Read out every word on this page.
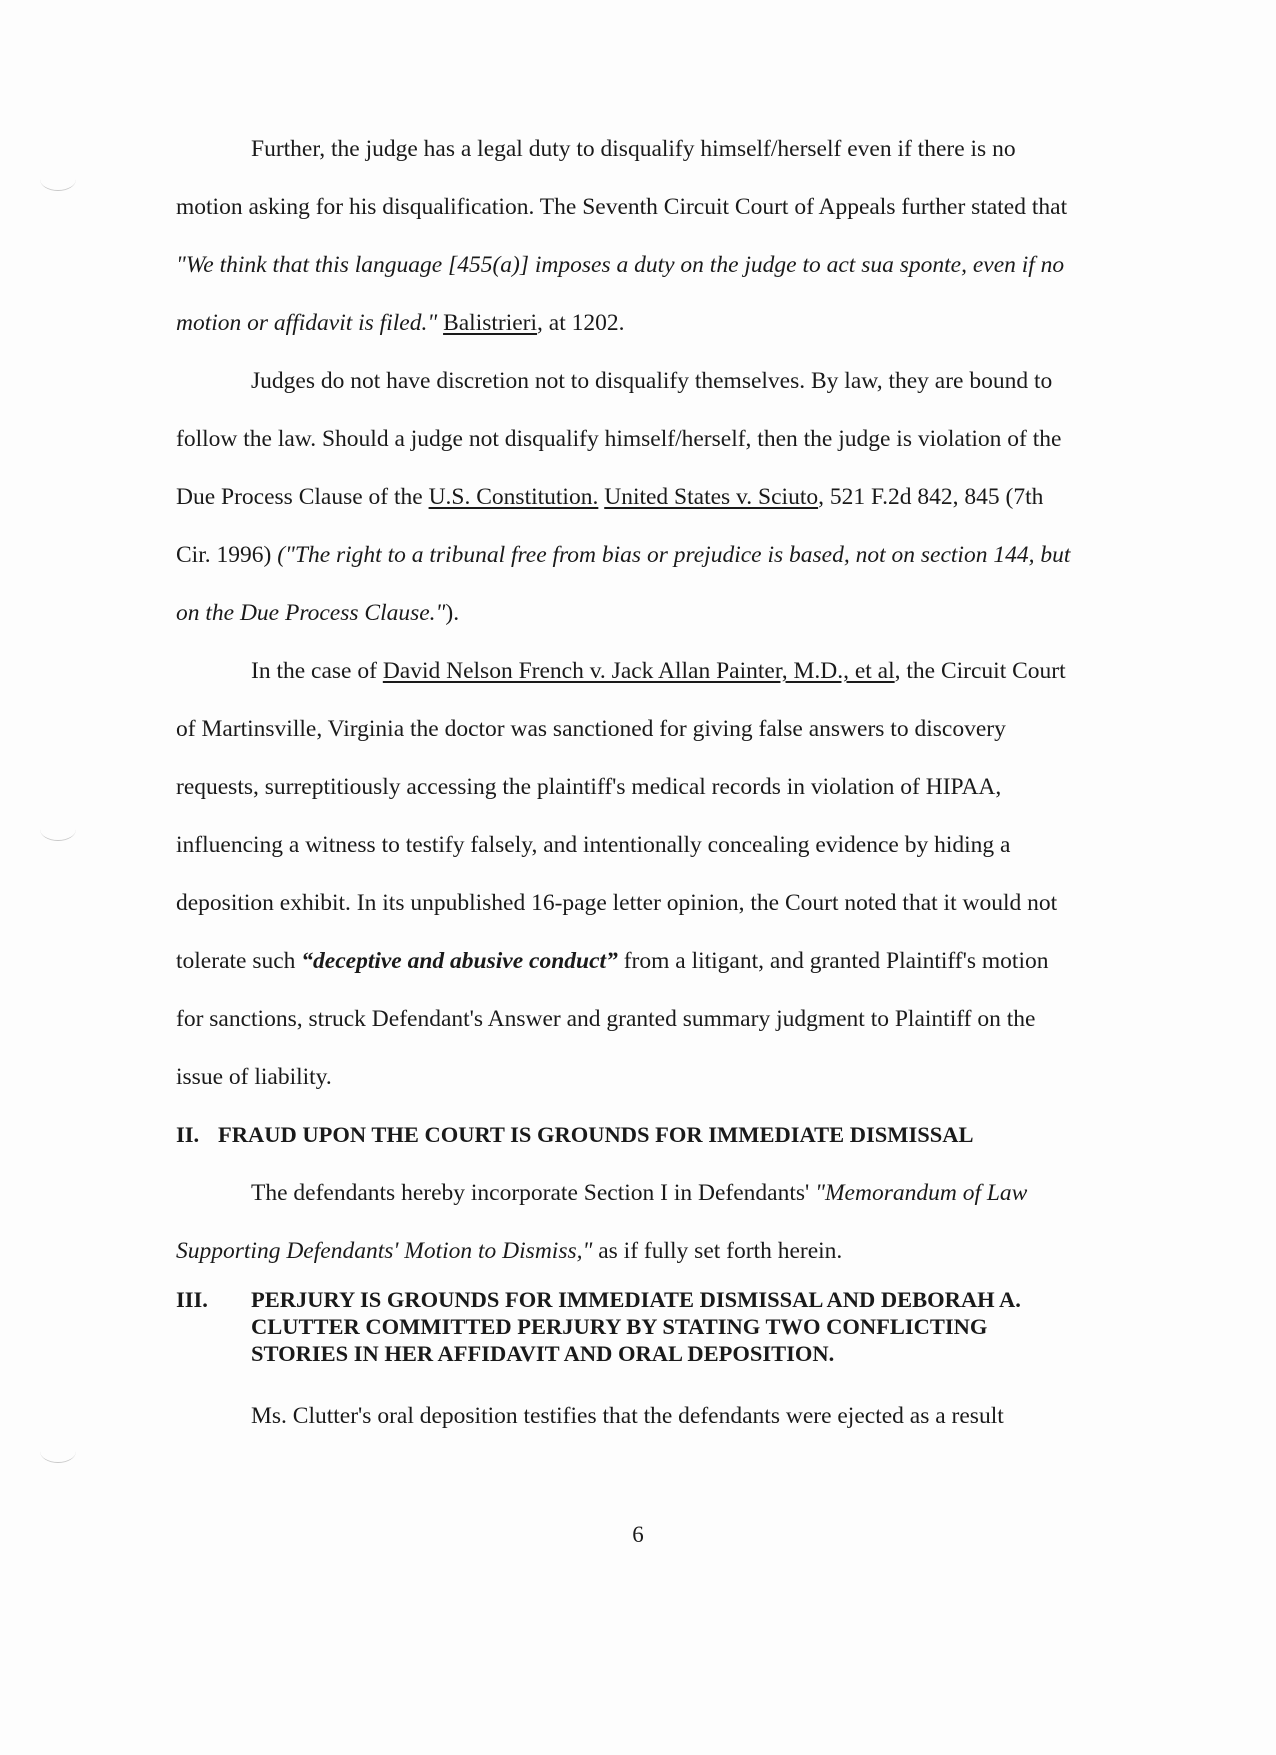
Further, the judge has a legal duty to disqualify himself/herself even if there is no motion asking for his disqualification. The Seventh Circuit Court of Appeals further stated that "We think that this language [455(a)] imposes a duty on the judge to act sua sponte, even if no motion or affidavit is filed." Balistrieri, at 1202.

Judges do not have discretion not to disqualify themselves. By law, they are bound to follow the law. Should a judge not disqualify himself/herself, then the judge is violation of the Due Process Clause of the U.S. Constitution. United States v. Sciuto, 521 F.2d 842, 845 (7th Cir. 1996) ("The right to a tribunal free from bias or prejudice is based, not on section 144, but on the Due Process Clause.").

In the case of David Nelson French v. Jack Allan Painter, M.D., et al, the Circuit Court of Martinsville, Virginia the doctor was sanctioned for giving false answers to discovery requests, surreptitiously accessing the plaintiff's medical records in violation of HIPAA, influencing a witness to testify falsely, and intentionally concealing evidence by hiding a deposition exhibit. In its unpublished 16-page letter opinion, the Court noted that it would not tolerate such “deceptive and abusive conduct” from a litigant, and granted Plaintiff's motion for sanctions, struck Defendant's Answer and granted summary judgment to Plaintiff on the issue of liability.

II. FRAUD UPON THE COURT IS GROUNDS FOR IMMEDIATE DISMISSAL

The defendants hereby incorporate Section I in Defendants' "Memorandum of Law Supporting Defendants' Motion to Dismiss," as if fully set forth herein.

III.	PERJURY IS GROUNDS FOR IMMEDIATE DISMISSAL AND DEBORAH A. CLUTTER COMMITTED PERJURY BY STATING TWO CONFLICTING STORIES IN HER AFFIDAVIT AND ORAL DEPOSITION.

Ms. Clutter's oral deposition testifies that the defendants were ejected as a result

6
